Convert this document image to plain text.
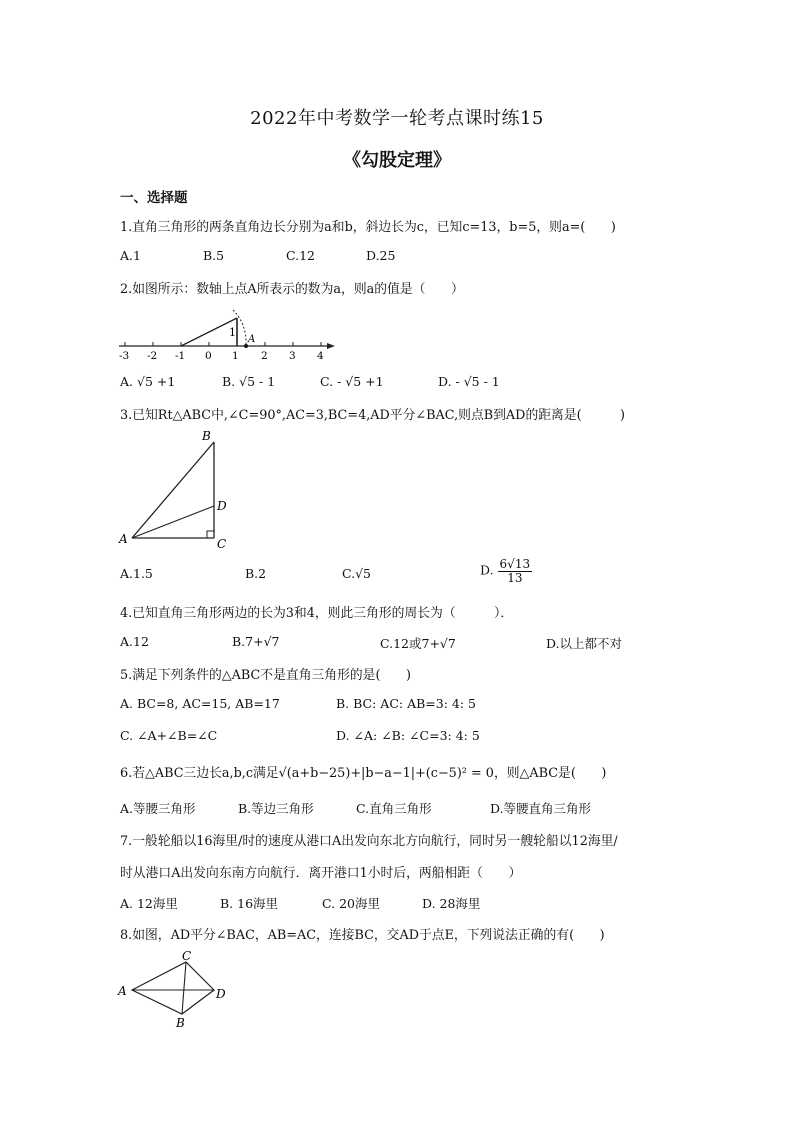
2022年中考数学一轮考点课时练15
《勾股定理》
一、选择题
1.直角三角形的两条直角边长分别为a和b，斜边长为c，已知c=13，b=5，则a=(　　)
A.1	B.5	C.12	D.25
2.如图所示：数轴上点A所表示的数为a，则a的值是（　　）
1
A
-3 -2 -1 0 1 2 3 4
A. √5 +1	B. √5 - 1	C. - √5 +1	D. - √5 - 1
3.已知Rt△ABC中,∠C=90°,AC=3,BC=4,AD平分∠BAC,则点B到AD的距离是(　　　)
B
D
A	C
A.1.5	B.2	C.√5	D. $\frac{6√13}{13}$
4.已知直角三角形两边的长为3和4，则此三角形的周长为（　　　）．
A.12	B.7+√7	C.12或7+√7	D.以上都不对
5.满足下列条件的△ABC不是直角三角形的是(　　)
A. BC=8, AC=15, AB=17	B. BC: AC: AB=3: 4: 5
C. ∠A+∠B=∠C	D. ∠A: ∠B: ∠C=3: 4: 5
6.若△ABC三边长a,b,c满足√(a+b−25)+|b−a−1|+(c−5)² = 0，则△ABC是(　　)
A.等腰三角形	B.等边三角形	C.直角三角形	D.等腰直角三角形
7.一般轮船以16海里/时的速度从港口A出发向东北方向航行，同时另一艘轮船以12海里/
时从港口A出发向东南方向航行．离开港口1小时后，两船相距（　　）
A. 12海里	B. 16海里	C. 20海里	D. 28海里
8.如图，AD平分∠BAC，AB=AC，连接BC，交AD于点E，下列说法正确的有(　　)
C
A	D
B
